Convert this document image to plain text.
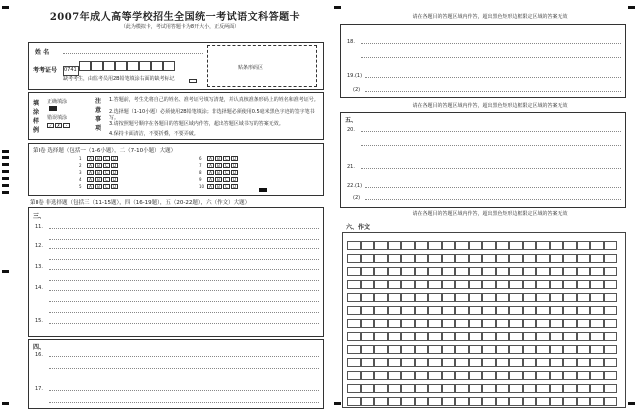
2007年成人高等学校招生全国统一考试语文科答题卡
（此为模拟卡，考试用答题卡为8开大小，正反两面）
姓 名
考考证号 0741
缺考考生，由监考员用2B铅笔填涂右面的缺考标记
贴条形码区
填涂样例
正确填涂
错误填涂
✓ ✗ -
注意事项
1.答题前，考生先将自己的姓名、准考证号填写清楚，并认真核准条形码上的姓名和准考证号。
2.选择题（1-10小题）必须使用2B铅笔填涂；非选择题必须使用0.5毫米黑色字迹的签字笔书写。
3.请按照题号顺序在各题目的答题区域内作答，超出答题区域书写的答案无效。
4.保持卡面清洁，不要折叠，不要弄破。
第Ⅰ卷 选择题（包括一（1-6小题），二（7-10小题）大题）
1 A B C D
2 A B C D
3 A B C D
4 A B C D
5 A B C D
6 A B C D
7 A B C D
8 A B C D
9 A B C D
10 A B C D
第Ⅱ卷 非选择题（包括三（11-15题），四（16-19题），五（20-22题），六（作文）大题）
三、
11.
12.
13.
14.
15.
四、
16.
17.
请在各题目的答题区域内作答，超出黑色矩形边框限定区域的答案无效
18.
19.(1)
(2)
请在各题目的答题区域内作答，超出黑色矩形边框限定区域的答案无效
五、
20.
21.
22.(1)
(2)
请在各题目的答题区域内作答，超出黑色矩形边框限定区域的答案无效
六、作文
